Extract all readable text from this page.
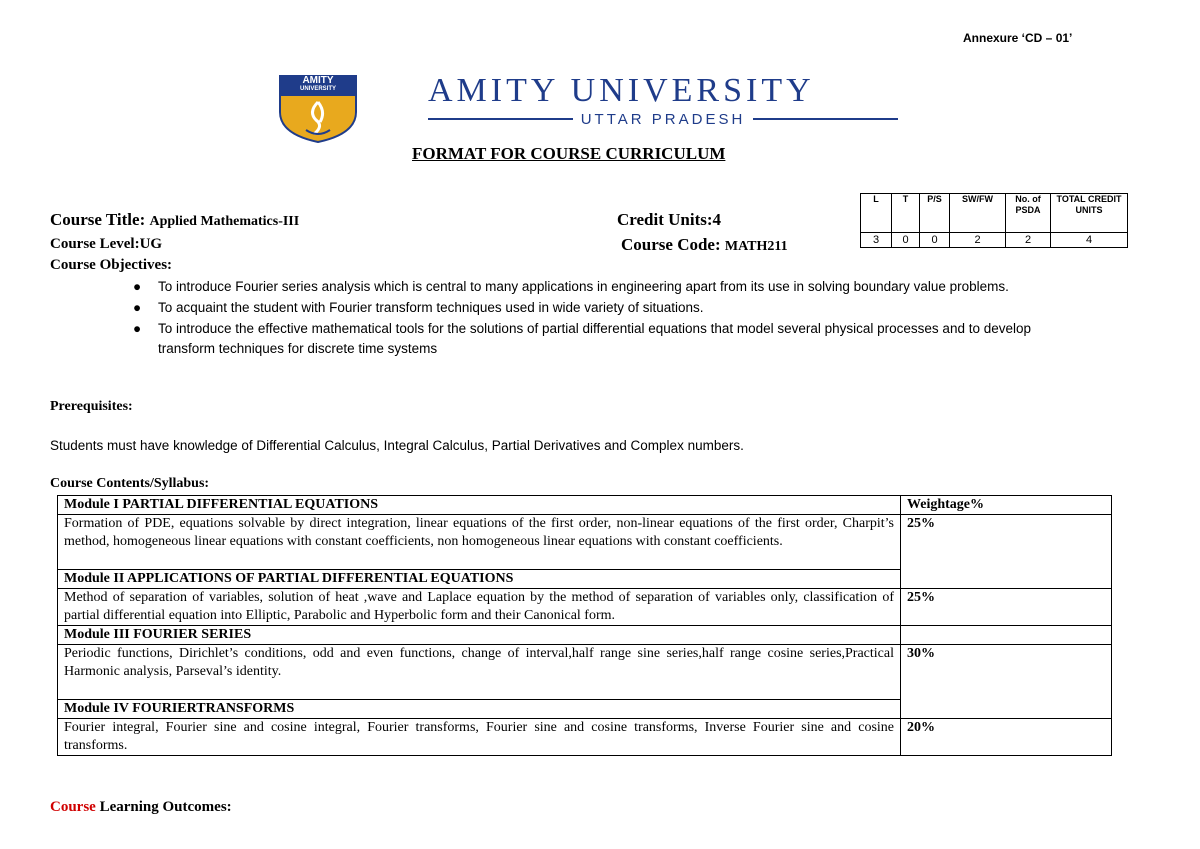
Annexure ‘CD – 01’
AMITY
UNIVERSITY	AMITY UNIVERSITY
UTTAR PRADESH
FORMAT FOR COURSE CURRICULUM
Course Title: Applied Mathematics-III
Course Level:UG
Credit Units:4
Course Code: MATH211
L	T	P/S	SW/FW	No. of PSDA	TOTAL CREDIT UNITS
3	0	0	2	2	4
Course Objectives:
● To introduce Fourier series analysis which is central to many applications in engineering apart from its use in solving boundary value problems.
● To acquaint the student with Fourier transform techniques used in wide variety of situations.
● To introduce the effective mathematical tools for the solutions of partial differential equations that model several physical processes and to develop transform techniques for discrete time systems
Prerequisites:
Students must have knowledge of Differential Calculus, Integral Calculus, Partial Derivatives and Complex numbers.
Course Contents/Syllabus:
Module I PARTIAL DIFFERENTIAL EQUATIONS	Weightage%
Formation of PDE, equations solvable by direct integration, linear equations of the first order, non-linear equations of the first order, Charpit’s method, homogeneous linear equations with constant coefficients, non homogeneous linear equations with constant coefficients.	25%
Module II APPLICATIONS OF PARTIAL DIFFERENTIAL EQUATIONS	
Method of separation of variables, solution of heat ,wave and Laplace equation by the method of separation of variables only, classification of partial differential equation into Elliptic, Parabolic and Hyperbolic form and their Canonical form.	25%
Module III FOURIER SERIES	
Periodic functions, Dirichlet’s conditions, odd and even functions, change of interval,half range sine series,half range cosine series,Practical Harmonic analysis, Parseval’s identity.	30%
Module IV FOURIERTRANSFORMS	
Fourier integral, Fourier sine and cosine integral, Fourier transforms, Fourier sine and cosine transforms, Inverse Fourier sine and cosine transforms.	20%
Course Learning Outcomes:
